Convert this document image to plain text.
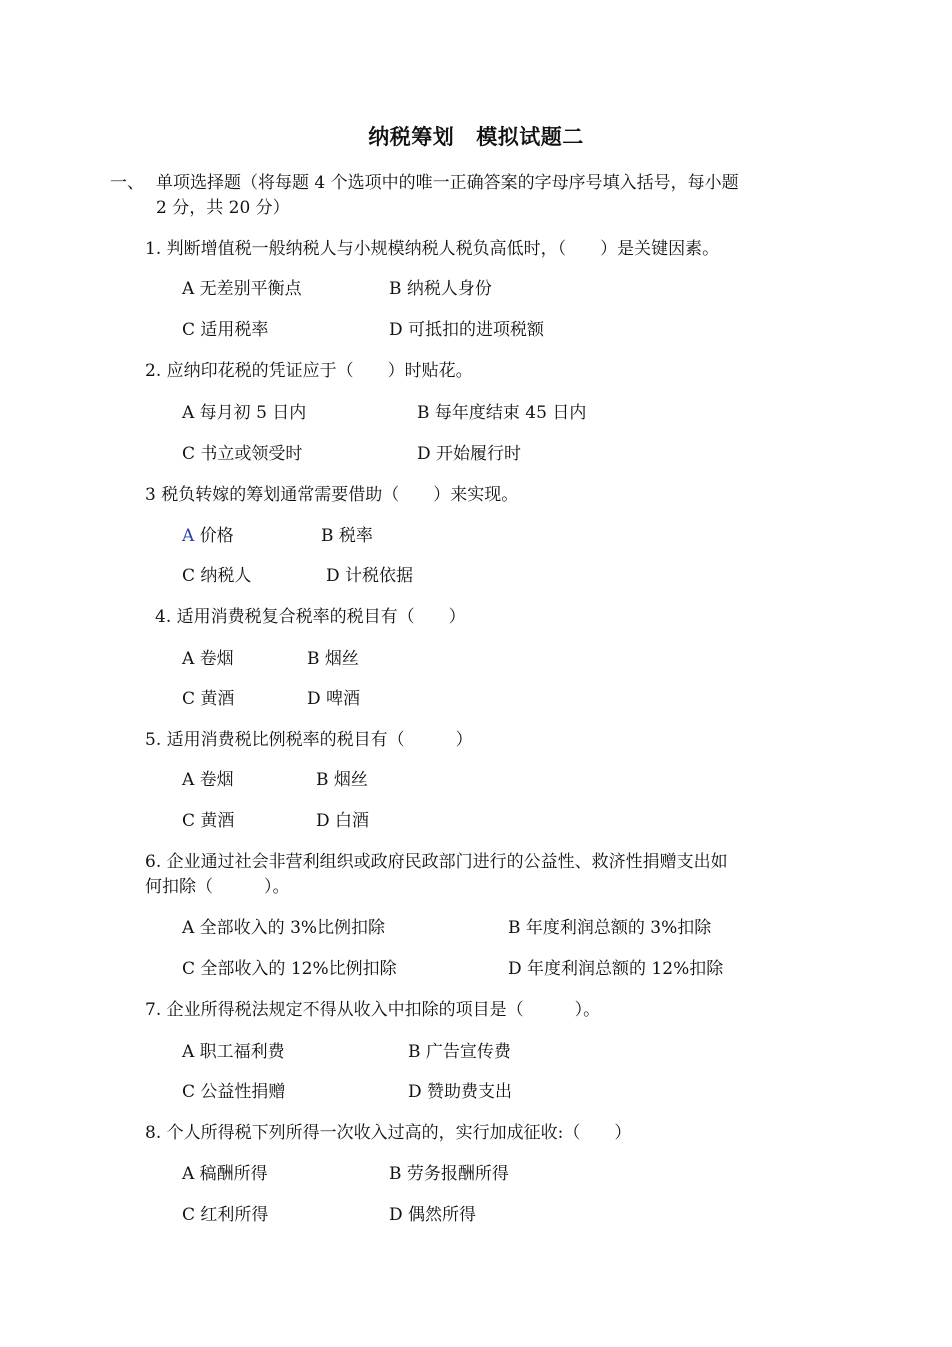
纳税筹划 模拟试题二
一、 单项选择题（将每题 4 个选项中的唯一正确答案的字母序号填入括号，每小题
2 分，共 20 分）
1. 判断增值税一般纳税人与小规模纳税人税负高低时，（　　）是关键因素。
A 无差别平衡点	B 纳税人身份
C 适用税率	D 可抵扣的进项税额
2. 应纳印花税的凭证应于（　　）时贴花。
A 每月初 5 日内	B 每年度结束 45 日内
C 书立或领受时	D 开始履行时
3 税负转嫁的筹划通常需要借助（　　）来实现。
A 价格	B 税率
C 纳税人	D 计税依据
4. 适用消费税复合税率的税目有（　　）
A 卷烟	B 烟丝
C 黄酒	D 啤酒
5. 适用消费税比例税率的税目有（　　　）
A 卷烟	B 烟丝
C 黄酒	D 白酒
6. 企业通过社会非营利组织或政府民政部门进行的公益性、救济性捐赠支出如
何扣除（　　　）。
A 全部收入的 3%比例扣除	B 年度利润总额的 3%扣除
C 全部收入的 12%比例扣除	D 年度利润总额的 12%扣除
7. 企业所得税法规定不得从收入中扣除的项目是（　　　）。
A 职工福利费	B 广告宣传费
C 公益性捐赠	D 赞助费支出
8. 个人所得税下列所得一次收入过高的，实行加成征收:（　　）
A 稿酬所得	B 劳务报酬所得
C 红利所得	D 偶然所得
